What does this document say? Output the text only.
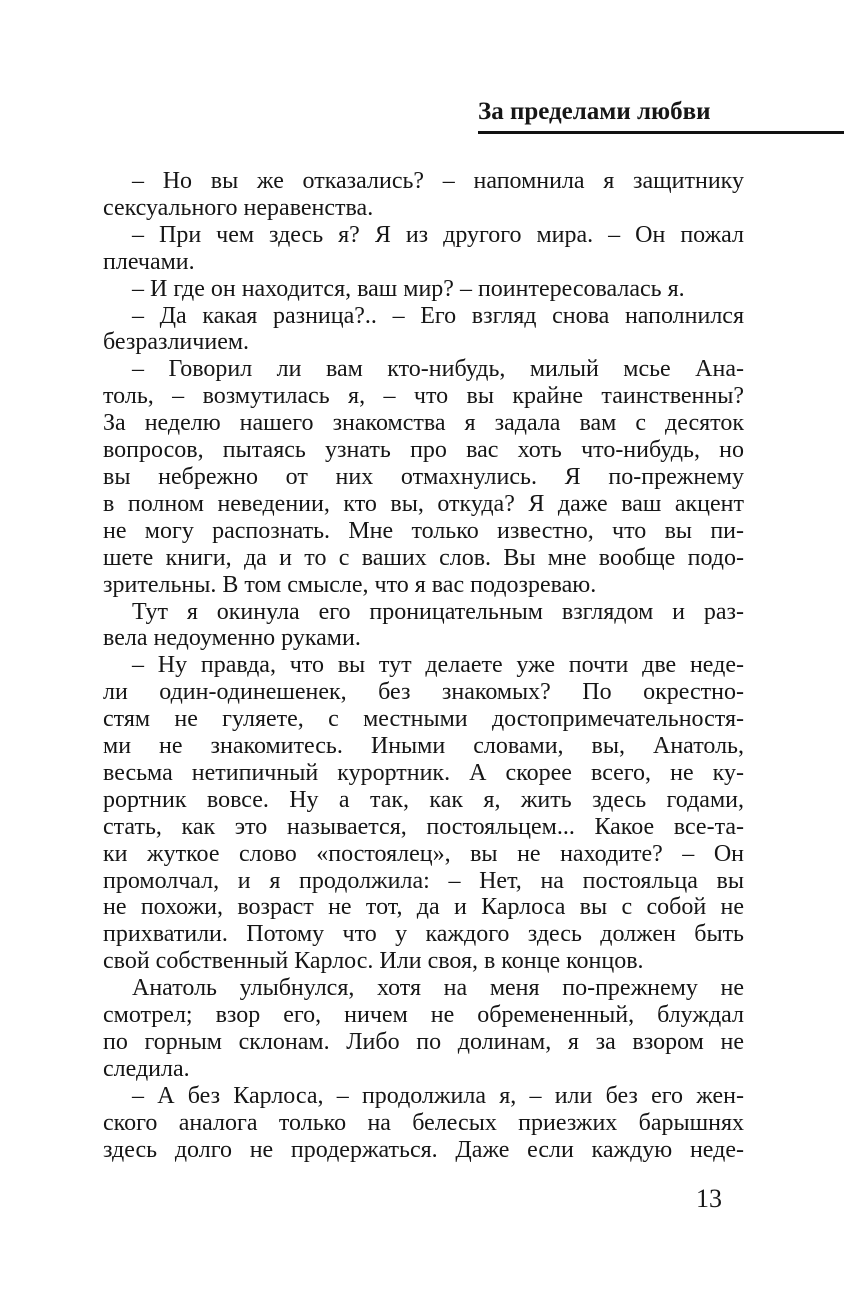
За пределами любви

– Но вы же отказались? – напомнила я защитнику
сексуального неравенства.

– При чем здесь я? Я из другого мира. – Он пожал
плечами.

– И где он находится, ваш мир? – поинтересовалась я.

– Да какая разница?.. – Его взгляд снова наполнился
безразличием.

– Говорил ли вам кто-нибудь, милый мсье Ана-
толь, – возмутилась я, – что вы крайне таинственны?
За неделю нашего знакомства я задала вам с десяток
вопросов, пытаясь узнать про вас хоть что-нибудь, но
вы небрежно от них отмахнулись. Я по-прежнему
в полном неведении, кто вы, откуда? Я даже ваш акцент
не могу распознать. Мне только известно, что вы пи-
шете книги, да и то с ваших слов. Вы мне вообще подо-
зрительны. В том смысле, что я вас подозреваю.

Тут я окинула его проницательным взглядом и раз-
вела недоуменно руками.

– Ну правда, что вы тут делаете уже почти две неде-
ли один-одинешенек, без знакомых? По окрестно-
стям не гуляете, с местными достопримечательностя-
ми не знакомитесь. Иными словами, вы, Анатоль,
весьма нетипичный курортник. А скорее всего, не ку-
рортник вовсе. Ну а так, как я, жить здесь годами,
стать, как это называется, постояльцем... Какое все-та-
ки жуткое слово «постоялец», вы не находите? – Он
промолчал, и я продолжила: – Нет, на постояльца вы
не похожи, возраст не тот, да и Карлоса вы с собой не
прихватили. Потому что у каждого здесь должен быть
свой собственный Карлос. Или своя, в конце концов.

Анатоль улыбнулся, хотя на меня по-прежнему не
смотрел; взор его, ничем не обремененный, блуждал
по горным склонам. Либо по долинам, я за взором не
следила.

– А без Карлоса, – продолжила я, – или без его жен-
ского аналога только на белесых приезжих барышнях
здесь долго не продержаться. Даже если каждую неде-

13
